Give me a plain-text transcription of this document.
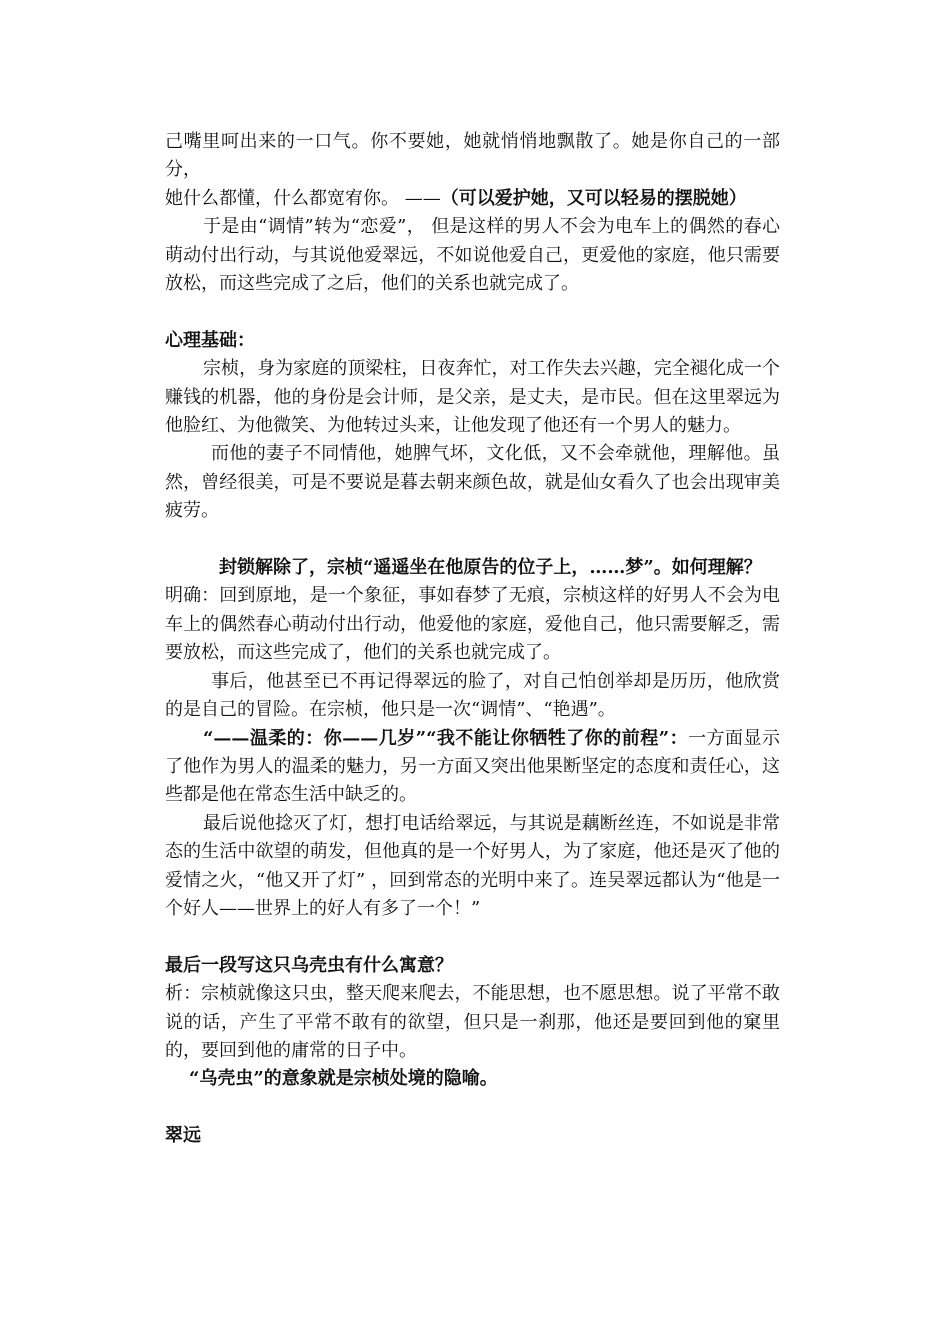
己嘴里呵出来的一口气。你不要她，她就悄悄地飘散了。她是你自己的一部分，

她什么都懂，什么都宽宥你。 ——（可以爱护她，又可以轻易的摆脱她）

于是由“调情”转为“恋爱”， 但是这样的男人不会为电车上的偶然的春心萌动付出行动，与其说他爱翠远，不如说他爱自己，更爱他的家庭，他只需要放松，而这些完成了之后，他们的关系也就完成了。

心理基础：

宗桢，身为家庭的顶梁柱，日夜奔忙，对工作失去兴趣，完全褪化成一个赚钱的机器，他的身份是会计师，是父亲，是丈夫，是市民。但在这里翠远为他脸红、为他微笑、为他转过头来，让他发现了他还有一个男人的魅力。

而他的妻子不同情他，她脾气坏，文化低，又不会牵就他，理解他。虽然，曾经很美，可是不要说是暮去朝来颜色故，就是仙女看久了也会出现审美疲劳。

封锁解除了，宗桢“遥遥坐在他原告的位子上，……梦”。如何理解？

明确：回到原地，是一个象征，事如春梦了无痕，宗桢这样的好男人不会为电车上的偶然春心萌动付出行动，他爱他的家庭，爱他自己，他只需要解乏，需要放松，而这些完成了，他们的关系也就完成了。

事后，他甚至已不再记得翠远的脸了，对自己怕创举却是历历，他欣赏的是自己的冒险。在宗桢，他只是一次“调情”、“艳遇”。

“——温柔的：你——几岁”“我不能让你牺牲了你的前程”：一方面显示了他作为男人的温柔的魅力，另一方面又突出他果断坚定的态度和责任心，这些都是他在常态生活中缺乏的。

最后说他捻灭了灯，想打电话给翠远，与其说是藕断丝连，不如说是非常态的生活中欲望的萌发，但他真的是一个好男人，为了家庭，他还是灭了他的爱情之火，“他又开了灯” ，回到常态的光明中来了。连吴翠远都认为“他是一个好人——世界上的好人有多了一个！”

最后一段写这只乌壳虫有什么寓意？

析：宗桢就像这只虫，整天爬来爬去，不能思想，也不愿思想。说了平常不敢说的话，产生了平常不敢有的欲望，但只是一刹那，他还是要回到他的窠里的，要回到他的庸常的日子中。

“乌壳虫”的意象就是宗桢处境的隐喻。

翠远
